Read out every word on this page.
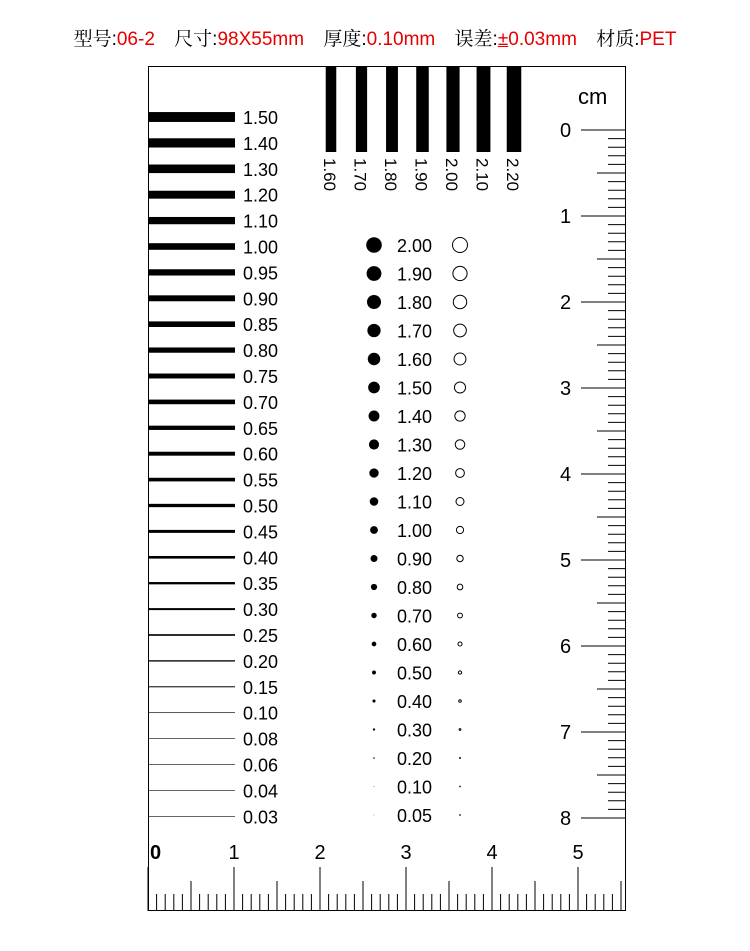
型号:06-2 尺寸:98X55mm 厚度:0.10mm 误差:±0.03mm 材质:PET
1.50
1.40
1.30
1.20
1.10
1.00
0.95
0.90
0.85
0.80
0.75
0.70
0.65
0.60
0.55
0.50
0.45
0.40
0.35
0.30
0.25
0.20
0.15
0.10
0.08
0.06
0.04
0.03
1.60 1.70 1.80 1.90 2.00 2.10 2.20
2.00
1.90
1.80
1.70
1.60
1.50
1.40
1.30
1.20
1.10
1.00
0.90
0.80
0.70
0.60
0.50
0.40
0.30
0.20
0.10
0.05
cm
0
1
2
3
4
5
6
7
8
0	1	2	3	4	5
